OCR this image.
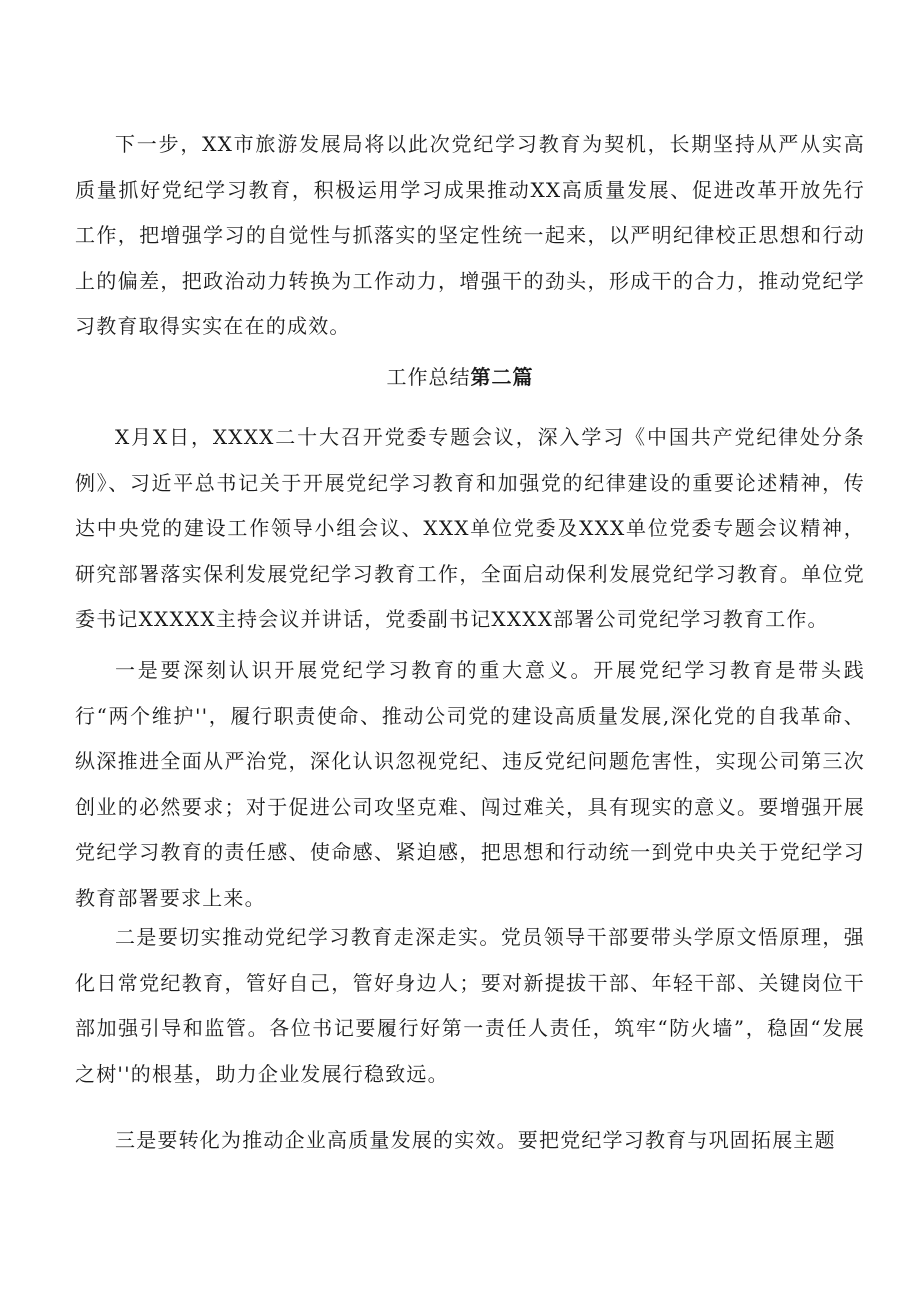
下一步，XX市旅游发展局将以此次党纪学习教育为契机，长期坚持从严从实高质量抓好党纪学习教育，积极运用学习成果推动XX高质量发展、促进改革开放先行工作，把增强学习的自觉性与抓落实的坚定性统一起来，以严明纪律校正思想和行动上的偏差，把政治动力转换为工作动力，增强干的劲头，形成干的合力，推动党纪学习教育取得实实在在的成效。

工作总结第二篇

X月X日，XXXX二十大召开党委专题会议，深入学习《中国共产党纪律处分条例》、习近平总书记关于开展党纪学习教育和加强党的纪律建设的重要论述精神，传达中央党的建设工作领导小组会议、XXX单位党委及XXX单位党委专题会议精神，研究部署落实保利发展党纪学习教育工作，全面启动保利发展党纪学习教育。单位党委书记XXXXX主持会议并讲话，党委副书记XXXX部署公司党纪学习教育工作。

一是要深刻认识开展党纪学习教育的重大意义。开展党纪学习教育是带头践行“两个维护''，履行职责使命、推动公司党的建设高质量发展,深化党的自我革命、纵深推进全面从严治党，深化认识忽视党纪、违反党纪问题危害性，实现公司第三次创业的必然要求；对于促进公司攻坚克难、闯过难关，具有现实的意义。要增强开展党纪学习教育的责任感、使命感、紧迫感，把思想和行动统一到党中央关于党纪学习教育部署要求上来。

二是要切实推动党纪学习教育走深走实。党员领导干部要带头学原文悟原理，强化日常党纪教育，管好自己，管好身边人；要对新提拔干部、年轻干部、关键岗位干部加强引导和监管。各位书记要履行好第一责任人责任，筑牢“防火墙”，稳固“发展之树''的根基，助力企业发展行稳致远。

三是要转化为推动企业高质量发展的实效。要把党纪学习教育与巩固拓展主题
